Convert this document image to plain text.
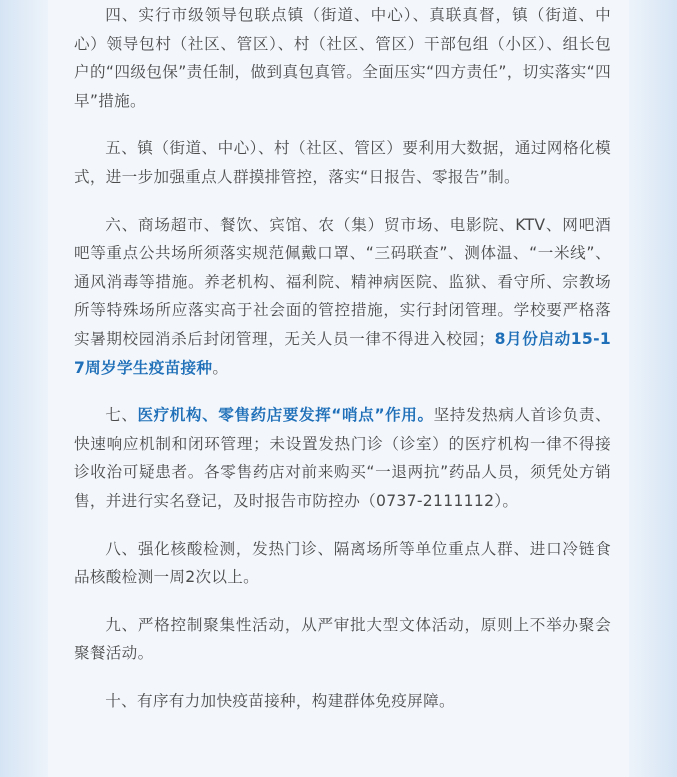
四、实行市级领导包联点镇（街道、中心）、真联真督，镇（街道、中心）领导包村（社区、管区）、村（社区、管区）干部包组（小区）、组长包户的“四级包保”责任制，做到真包真管。全面压实“四方责任”，切实落实“四早”措施。

五、镇（街道、中心）、村（社区、管区）要利用大数据，通过网格化模式，进一步加强重点人群摸排管控，落实“日报告、零报告”制。

六、商场超市、餐饮、宾馆、农（集）贸市场、电影院、KTV、网吧酒吧等重点公共场所须落实规范佩戴口罩、“三码联查”、测体温、“一米线”、通风消毒等措施。养老机构、福利院、精神病医院、监狱、看守所、宗教场所等特殊场所应落实高于社会面的管控措施，实行封闭管理。学校要严格落实暑期校园消杀后封闭管理，无关人员一律不得进入校园；8月份启动15-17周岁学生疫苗接种。

七、医疗机构、零售药店要发挥“哨点”作用。坚持发热病人首诊负责、快速响应机制和闭环管理；未设置发热门诊（诊室）的医疗机构一律不得接诊收治可疑患者。各零售药店对前来购买“一退两抗”药品人员，须凭处方销售，并进行实名登记，及时报告市防控办（0737-2111112）。

八、强化核酸检测，发热门诊、隔离场所等单位重点人群、进口冷链食品核酸检测一周2次以上。

九、严格控制聚集性活动，从严审批大型文体活动，原则上不举办聚会聚餐活动。

十、有序有力加快疫苗接种，构建群体免疫屏障。
